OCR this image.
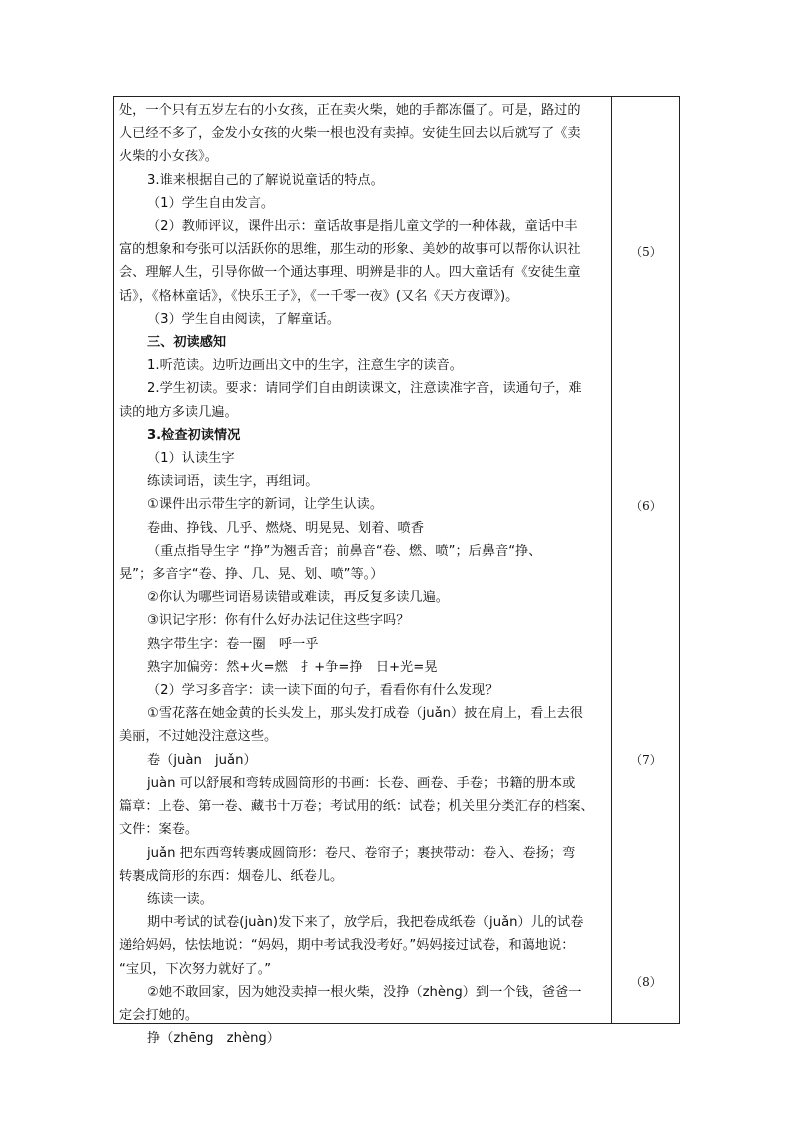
处，一个只有五岁左右的小女孩，正在卖火柴，她的手都冻僵了。可是，路过的
人已经不多了，金发小女孩的火柴一根也没有卖掉。安徒生回去以后就写了《卖
火柴的小女孩》。
3.谁来根据自己的了解说说童话的特点。
（1）学生自由发言。
（2）教师评议，课件出示：童话故事是指儿童文学的一种体裁，童话中丰
富的想象和夸张可以活跃你的思维，那生动的形象、美妙的故事可以帮你认识社
会、理解人生，引导你做一个通达事理、明辨是非的人。四大童话有《安徒生童
话》，《格林童话》，《快乐王子》，《一千零一夜》(又名《天方夜谭》)。
（3）学生自由阅读，了解童话。
三、初读感知
1.听范读。边听边画出文中的生字，注意生字的读音。
2.学生初读。要求：请同学们自由朗读课文，注意读准字音，读通句子，难
读的地方多读几遍。
3.检查初读情况
（1）认读生字
练读词语，读生字，再组词。
①课件出示带生字的新词，让学生认读。
卷曲、挣钱、几乎、燃烧、明晃晃、划着、喷香
（重点指导生字 “挣”为翘舌音；前鼻音“卷、燃、喷”；后鼻音“挣、
晃”；多音字“卷、挣、几、晃、划、喷”等。）
②你认为哪些词语易读错或难读，再反复多读几遍。
③识记字形：你有什么好办法记住这些字吗？
熟字带生字：卷一圈　呼一乎
熟字加偏旁：然+火=燃　扌+争=挣　日+光=晃
（2）学习多音字：读一读下面的句子，看看你有什么发现？
①雪花落在她金黄的长头发上，那头发打成卷（juǎn）披在肩上，看上去很
美丽，不过她没注意这些。
卷（juàn　juǎn）
juàn 可以舒展和弯转成圆筒形的书画：长卷、画卷、手卷；书籍的册本或
篇章：上卷、第一卷、藏书十万卷；考试用的纸：试卷；机关里分类汇存的档案、
文件：案卷。
juǎn 把东西弯转裹成圆筒形：卷尺、卷帘子；裹挟带动：卷入、卷扬；弯
转裹成筒形的东西：烟卷儿、纸卷儿。
练读一读。
期中考试的试卷(juàn)发下来了，放学后，我把卷成纸卷（juǎn）儿的试卷
递给妈妈，怯怯地说：“妈妈，期中考试我没考好。”妈妈接过试卷，和蔼地说：
“宝贝，下次努力就好了。”
②她不敢回家，因为她没卖掉一根火柴，没挣（zhèng）到一个钱，爸爸一
定会打她的。
挣（zhēng　zhèng）
（5）
（6）
（7）
（8）
